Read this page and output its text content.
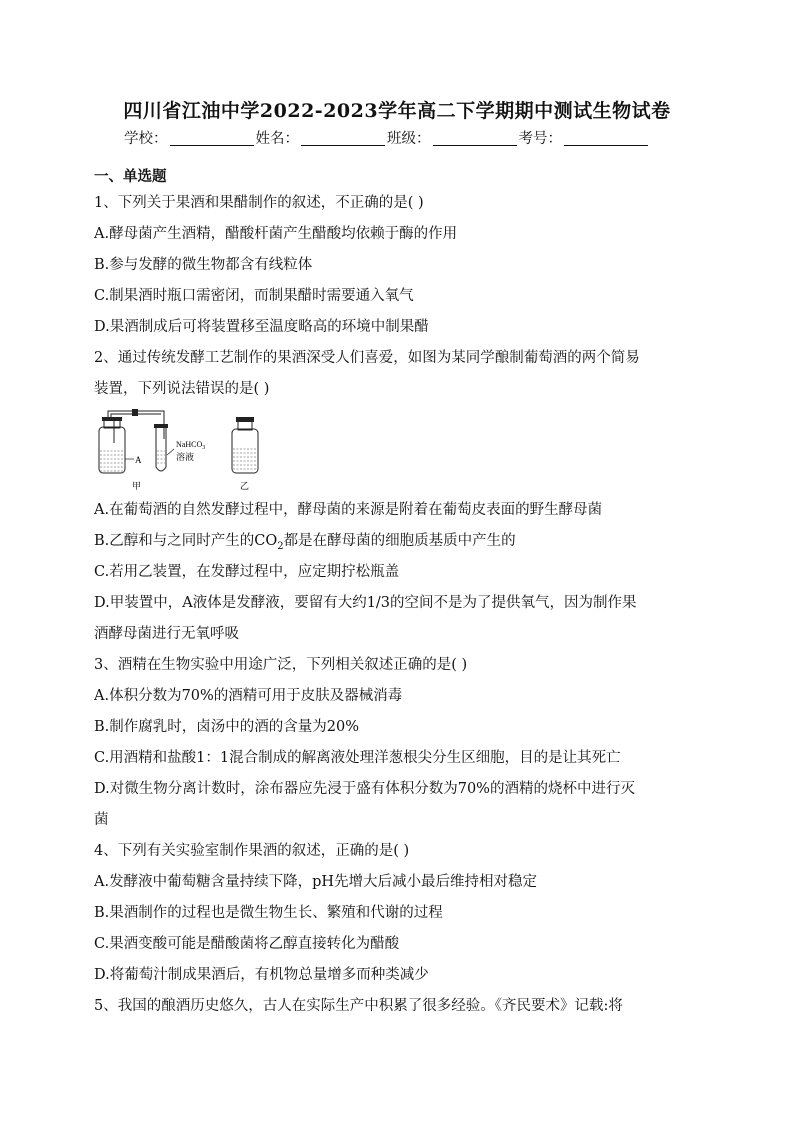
四川省江油中学2022-2023学年高二下学期期中测试生物试卷
学校：	姓名：	班级：	考号：
一、单选题
1、下列关于果酒和果醋制作的叙述，不正确的是( )
A.酵母菌产生酒精，醋酸杆菌产生醋酸均依赖于酶的作用
B.参与发酵的微生物都含有线粒体
C.制果酒时瓶口需密闭，而制果醋时需要通入氧气
D.果酒制成后可将装置移至温度略高的环境中制果醋
2、通过传统发酵工艺制作的果酒深受人们喜爱，如图为某同学酿制葡萄酒的两个简易
装置，下列说法错误的是( )
A
NaHCO$_3$
溶液
甲	乙
A.在葡萄酒的自然发酵过程中，酵母菌的来源是附着在葡萄皮表面的野生酵母菌
B.乙醇和与之同时产生的$CO_2$都是在酵母菌的细胞质基质中产生的
C.若用乙装置，在发酵过程中，应定期拧松瓶盖
D.甲装置中，A液体是发酵液，要留有大约1/3的空间不是为了提供氧气，因为制作果
酒酵母菌进行无氧呼吸
3、酒精在生物实验中用途广泛，下列相关叙述正确的是( )
A.体积分数为70%的酒精可用于皮肤及器械消毒
B.制作腐乳时，卤汤中的酒的含量为20%
C.用酒精和盐酸1：1混合制成的解离液处理洋葱根尖分生区细胞，目的是让其死亡
D.对微生物分离计数时，涂布器应先浸于盛有体积分数为70%的酒精的烧杯中进行灭
菌
4、下列有关实验室制作果酒的叙述，正确的是( )
A.发酵液中葡萄糖含量持续下降，pH先增大后减小最后维持相对稳定
B.果酒制作的过程也是微生物生长、繁殖和代谢的过程
C.果酒变酸可能是醋酸菌将乙醇直接转化为醋酸
D.将葡萄汁制成果酒后，有机物总量增多而种类减少
5、我国的酿酒历史悠久，古人在实际生产中积累了很多经验。《齐民要术》记载:将
